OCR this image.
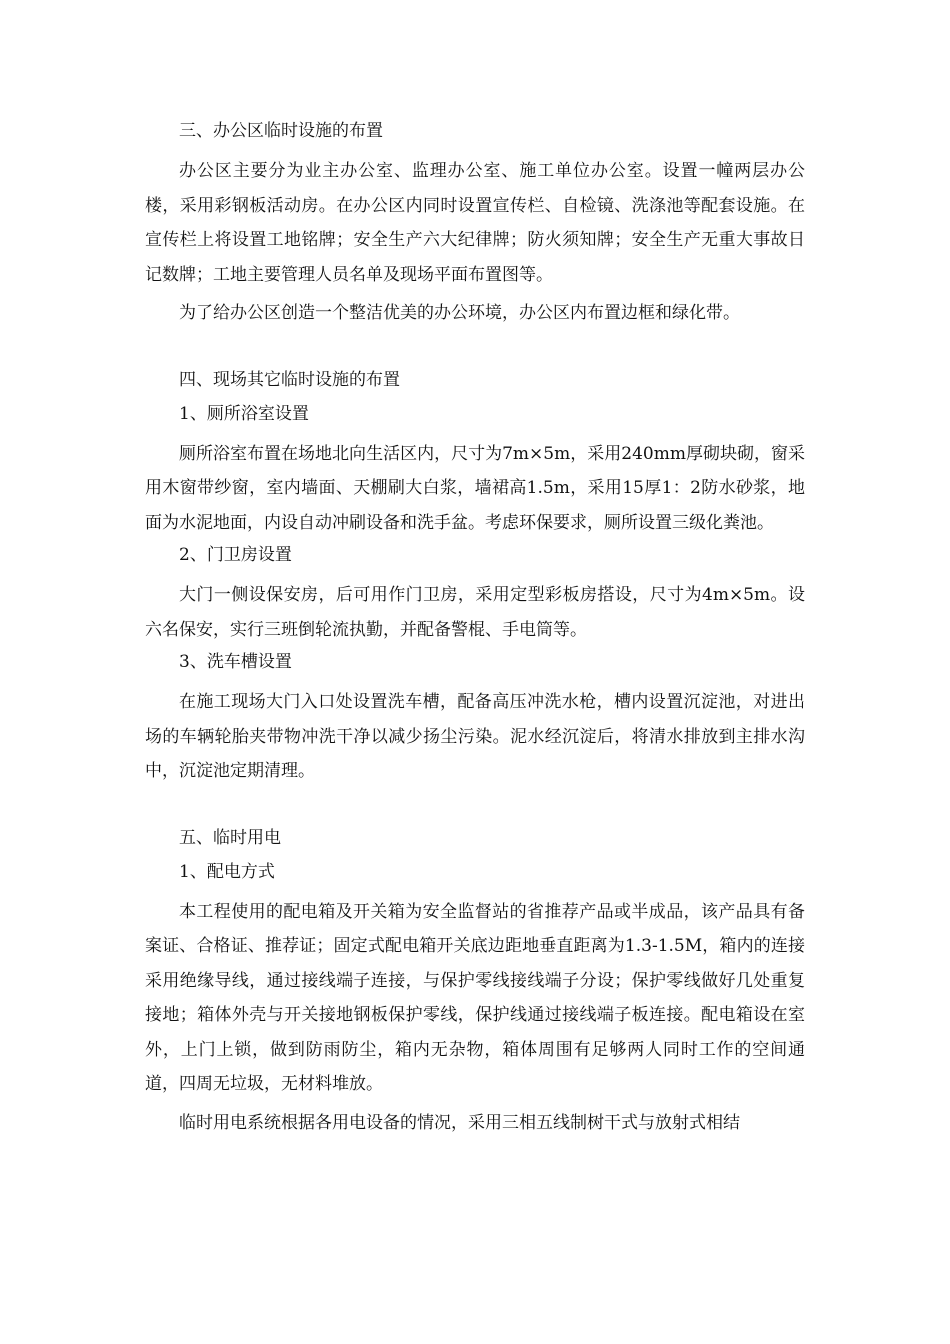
三、办公区临时设施的布置
办公区主要分为业主办公室、监理办公室、施工单位办公室。设置一幢两层办公楼，采用彩钢板活动房。在办公区内同时设置宣传栏、自检镜、洗涤池等配套设施。在宣传栏上将设置工地铭牌；安全生产六大纪律牌；防火须知牌；安全生产无重大事故日记数牌；工地主要管理人员名单及现场平面布置图等。
为了给办公区创造一个整洁优美的办公环境，办公区内布置边框和绿化带。
四、现场其它临时设施的布置
1、厕所浴室设置
厕所浴室布置在场地北向生活区内，尺寸为7m×5m，采用240mm厚砌块砌，窗采用木窗带纱窗，室内墙面、天棚刷大白浆，墙裙高1.5m，采用15厚1：2防水砂浆，地面为水泥地面，内设自动冲刷设备和洗手盆。考虑环保要求，厕所设置三级化粪池。
2、门卫房设置
大门一侧设保安房，后可用作门卫房，采用定型彩板房搭设，尺寸为4m×5m。设六名保安，实行三班倒轮流执勤，并配备警棍、手电筒等。
3、洗车槽设置
在施工现场大门入口处设置洗车槽，配备高压冲洗水枪，槽内设置沉淀池，对进出场的车辆轮胎夹带物冲洗干净以减少扬尘污染。泥水经沉淀后，将清水排放到主排水沟中，沉淀池定期清理。
五、临时用电
1、配电方式
本工程使用的配电箱及开关箱为安全监督站的省推荐产品或半成品，该产品具有备案证、合格证、推荐证；固定式配电箱开关底边距地垂直距离为1.3-1.5M，箱内的连接采用绝缘导线，通过接线端子连接，与保护零线接线端子分设；保护零线做好几处重复接地；箱体外壳与开关接地钢板保护零线，保护线通过接线端子板连接。配电箱设在室外，上门上锁，做到防雨防尘，箱内无杂物，箱体周围有足够两人同时工作的空间通道，四周无垃圾，无材料堆放。
临时用电系统根据各用电设备的情况，采用三相五线制树干式与放射式相结
